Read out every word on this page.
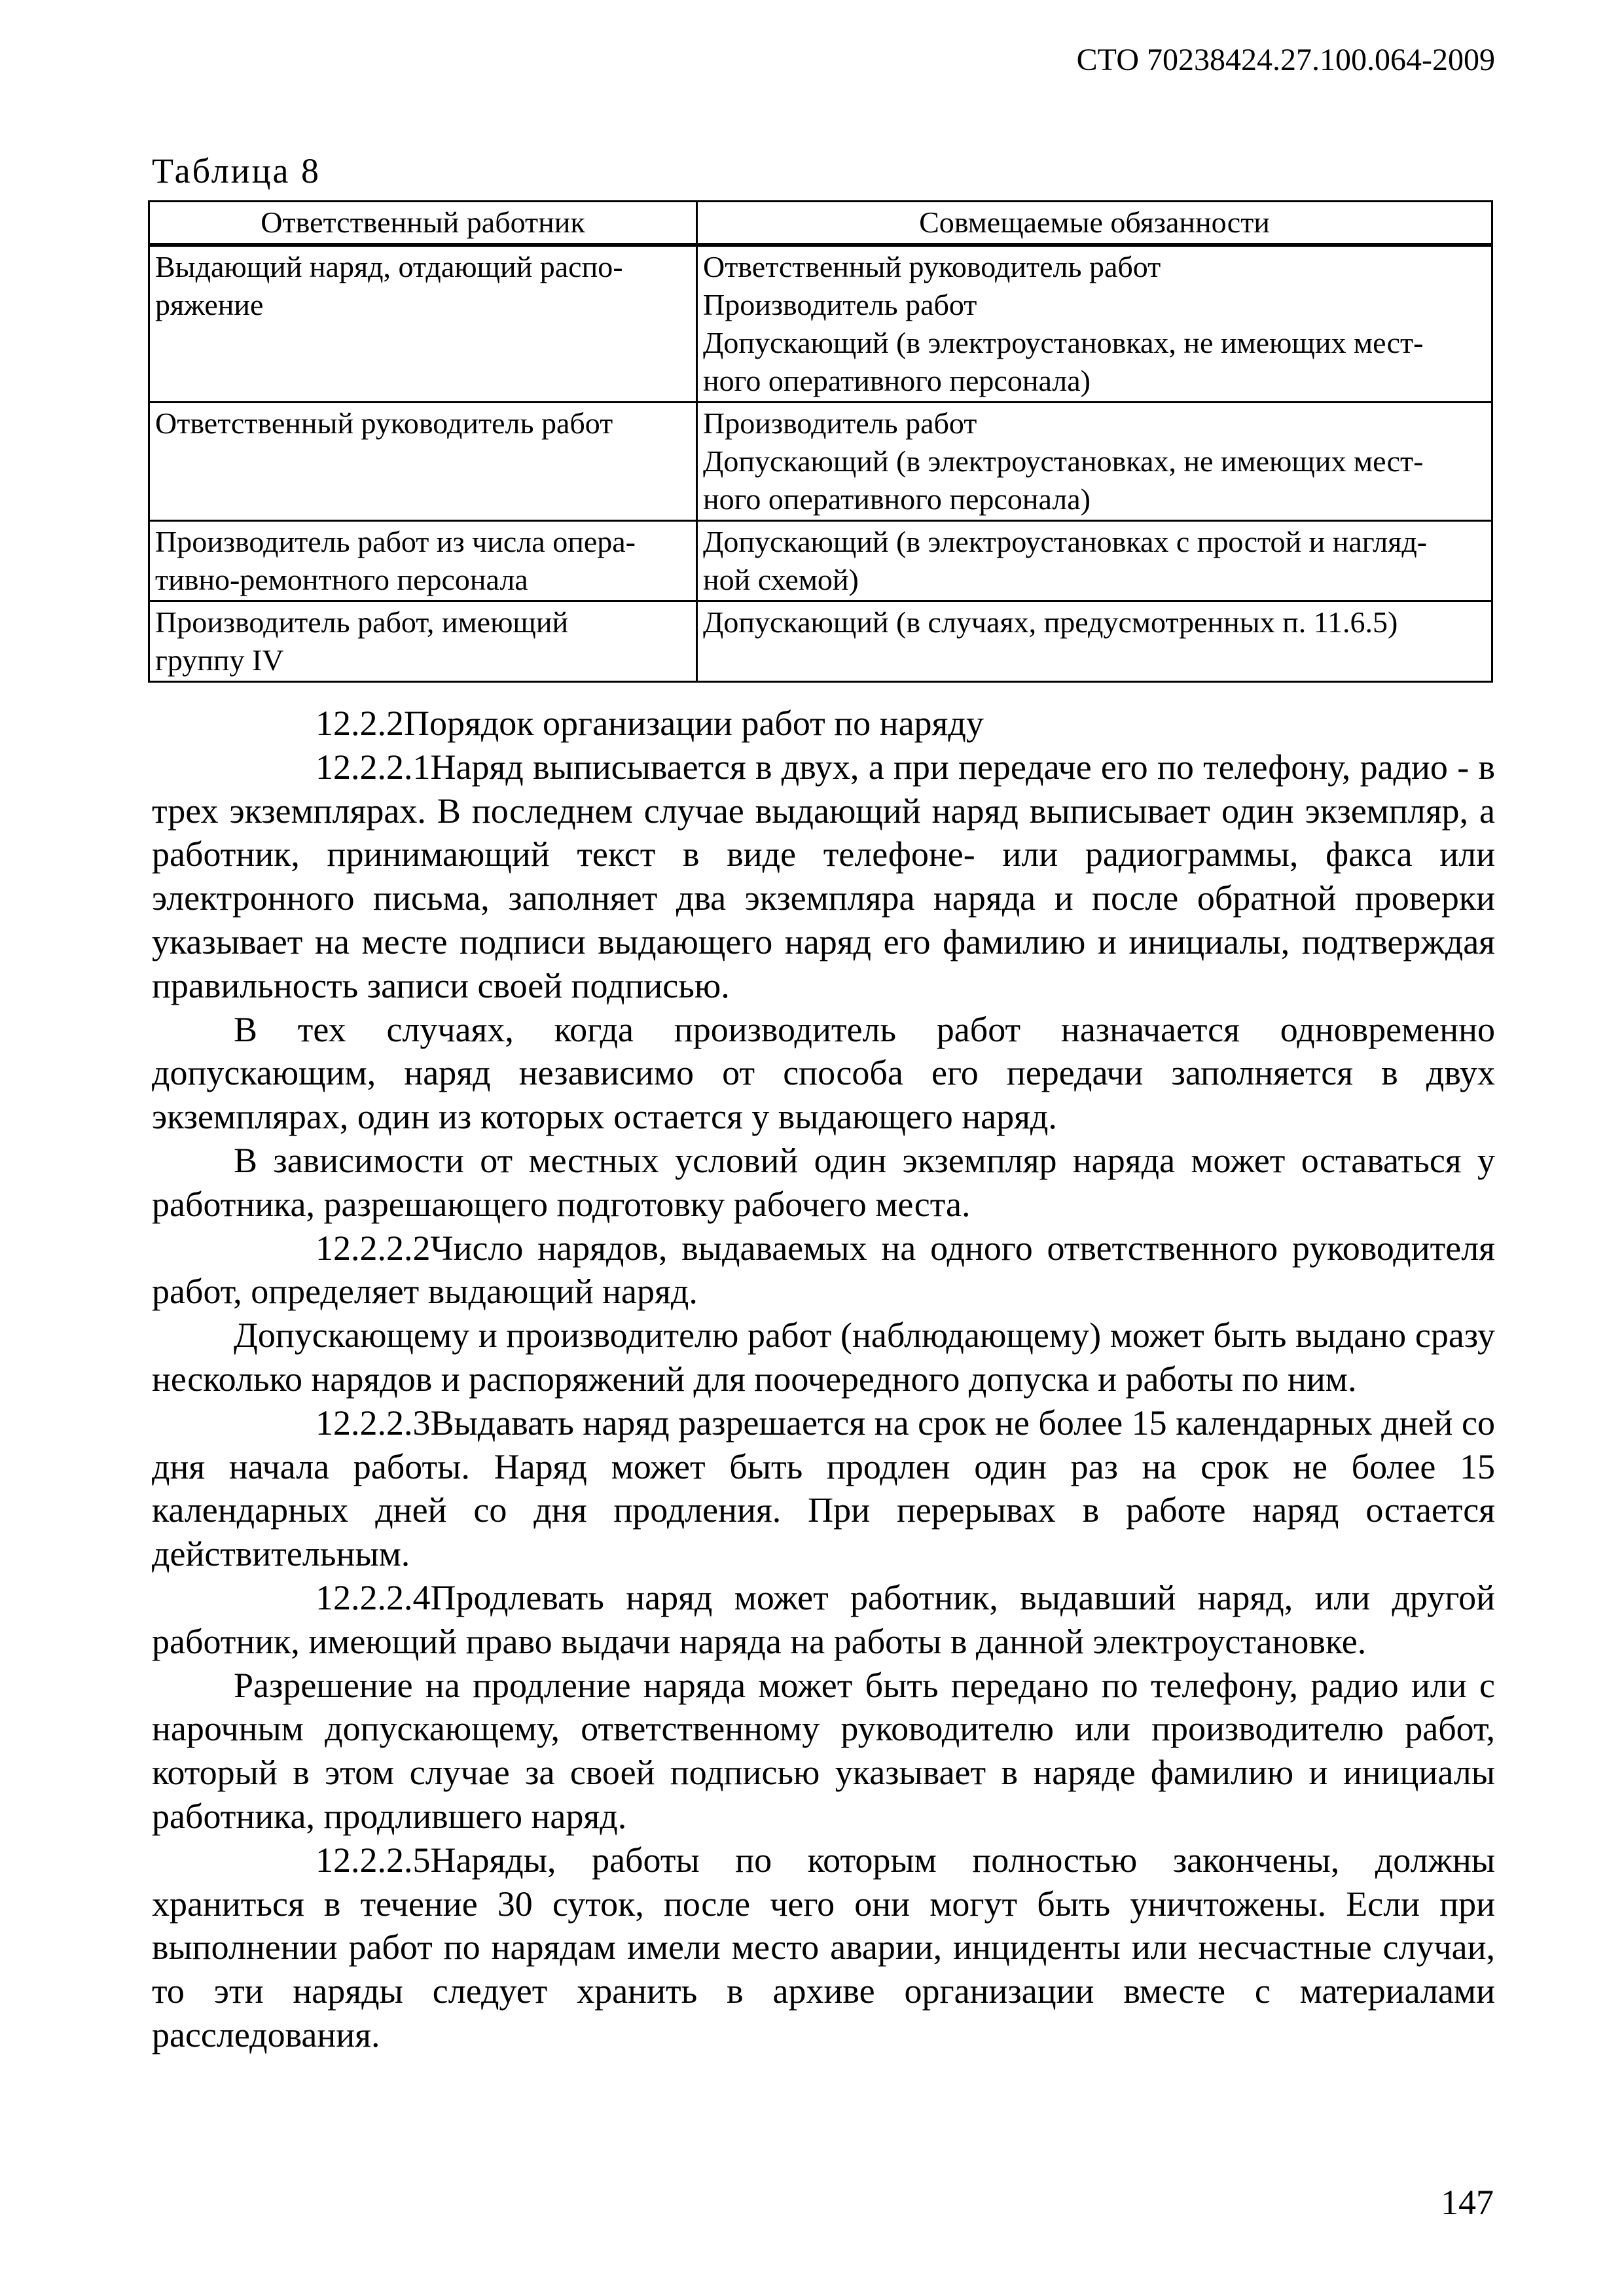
СТО 70238424.27.100.064-2009
Таблица 8
Ответственный работник	Совмещаемые обязанности

Выдающий наряд, отдающий распо-
ряжение	Ответственный руководитель работ
Производитель работ
Допускающий (в электроустановках, не имеющих мест-
ного оперативного персонала)

Ответственный руководитель работ	Производитель работ
Допускающий (в электроустановках, не имеющих мест-
ного оперативного персонала)

Производитель работ из числа опера-
тивно-ремонтного персонала	Допускающий (в электроустановках с простой и нагляд-
ной схемой)

Производитель работ, имеющий
группу IV	Допускающий (в случаях, предусмотренных п. 11.6.5)

12.2.2Порядок организации работ по наряду

12.2.2.1Наряд выписывается в двух, а при передаче его по телефону, радио - в трех экземплярах. В последнем случае выдающий наряд выписывает один экземпляр, а работник, принимающий текст в виде телефоне- или радиограммы, факса или электронного письма, заполняет два экземпляра наряда и после обратной проверки указывает на месте подписи выдающего наряд его фамилию и инициалы, подтверждая правильность записи своей подписью.

В тех случаях, когда производитель работ назначается одновременно допускающим, наряд независимо от способа его передачи заполняется в двух экземплярах, один из которых остается у выдающего наряд.

В зависимости от местных условий один экземпляр наряда может оставаться у работника, разрешающего подготовку рабочего места.

12.2.2.2Число нарядов, выдаваемых на одного ответственного руководителя работ, определяет выдающий наряд.

Допускающему и производителю работ (наблюдающему) может быть выдано сразу несколько нарядов и распоряжений для поочередного допуска и работы по ним.

12.2.2.3Выдавать наряд разрешается на срок не более 15 календарных дней со дня начала работы. Наряд может быть продлен один раз на срок не более 15 календарных дней со дня продления. При перерывах в работе наряд остается действительным.

12.2.2.4Продлевать наряд может работник, выдавший наряд, или другой работник, имеющий право выдачи наряда на работы в данной электроустановке.

Разрешение на продление наряда может быть передано по телефону, радио или с нарочным допускающему, ответственному руководителю или производителю работ, который в этом случае за своей подписью указывает в наряде фамилию и инициалы работника, продлившего наряд.

12.2.2.5Наряды, работы по которым полностью закончены, должны храниться в течение 30 суток, после чего они могут быть уничтожены. Если при выполнении работ по нарядам имели место аварии, инциденты или несчастные случаи, то эти наряды следует хранить в архиве организации вместе с материалами расследования.

147
